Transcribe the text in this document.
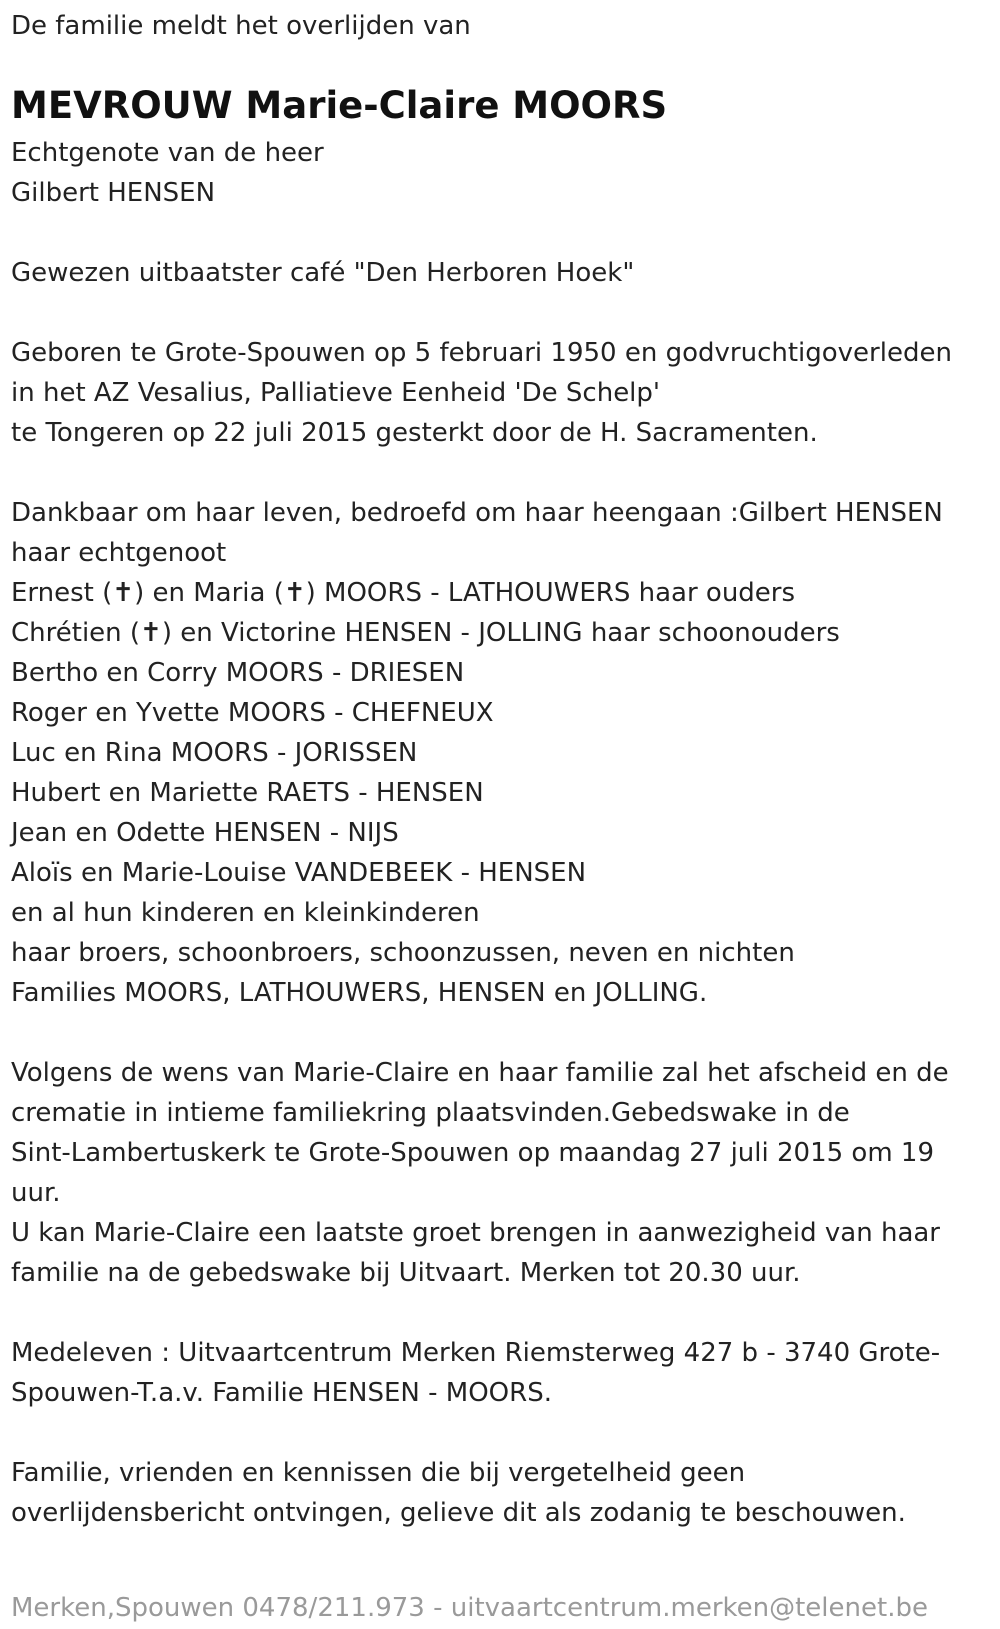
De familie meldt het overlijden van
MEVROUW Marie-Claire MOORS
Echtgenote van de heer
Gilbert HENSEN
Gewezen uitbaatster café "Den Herboren Hoek"
Geboren te Grote-Spouwen op 5 februari 1950 en godvruchtigoverleden
in het AZ Vesalius, Palliatieve Eenheid 'De Schelp'
te Tongeren op 22 juli 2015 gesterkt door de H. Sacramenten.
Dankbaar om haar leven, bedroefd om haar heengaan :Gilbert HENSEN
haar echtgenoot
Ernest (✝) en Maria (✝) MOORS - LATHOUWERS haar ouders
Chrétien (✝) en Victorine HENSEN - JOLLING haar schoonouders
Bertho en Corry MOORS - DRIESEN
Roger en Yvette MOORS - CHEFNEUX
Luc en Rina MOORS - JORISSEN
Hubert en Mariette RAETS - HENSEN
Jean en Odette HENSEN - NIJS
Aloïs en Marie-Louise VANDEBEEK - HENSEN
en al hun kinderen en kleinkinderen
haar broers, schoonbroers, schoonzussen, neven en nichten
Families MOORS, LATHOUWERS, HENSEN en JOLLING.
Volgens de wens van Marie-Claire en haar familie zal het afscheid en de
crematie in intieme familiekring plaatsvinden.Gebedswake in de
Sint-Lambertuskerk te Grote-Spouwen op maandag 27 juli 2015 om 19
uur.
U kan Marie-Claire een laatste groet brengen in aanwezigheid van haar
familie na de gebedswake bij Uitvaart. Merken tot 20.30 uur.
Medeleven : Uitvaartcentrum Merken Riemsterweg 427 b - 3740 Grote-
Spouwen-T.a.v. Familie HENSEN - MOORS.
Familie, vrienden en kennissen die bij vergetelheid geen
overlijdensbericht ontvingen, gelieve dit als zodanig te beschouwen.
Merken,Spouwen 0478/211.973 - uitvaartcentrum.merken@telenet.be
